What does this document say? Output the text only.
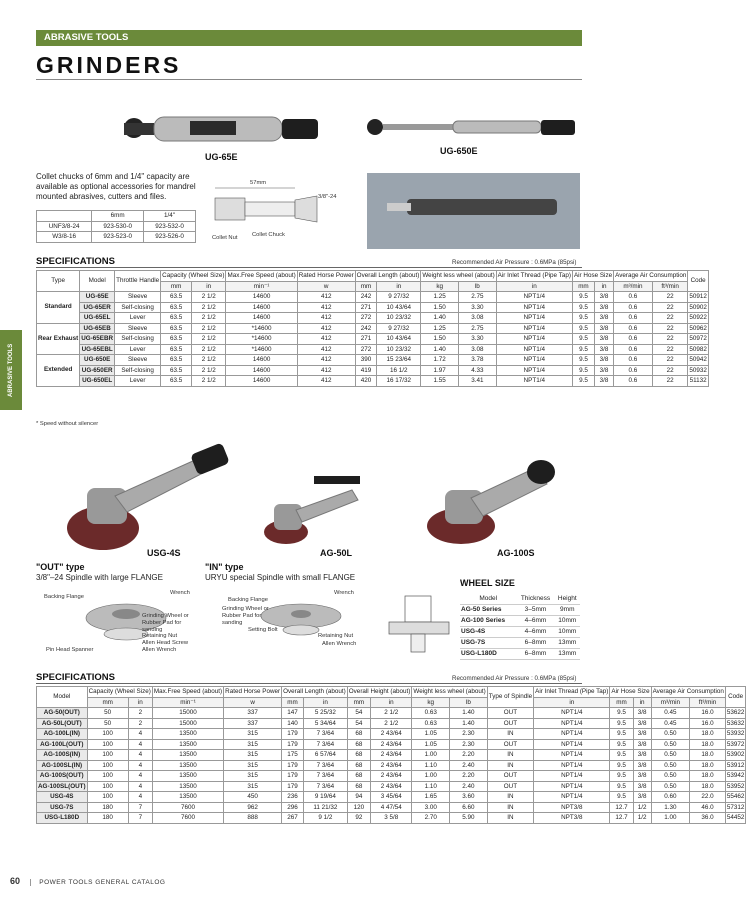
ABRASIVE TOOLS
GRINDERS
ABRASIVE TOOLS
UG-65E
UG-650E
Collet chucks of 6mm and 1/4" capacity are available as optional accessories for mandrel mounted abrasives, cutters and files.
	6mm	1/4"
UNF3/8-24	923-530-0	923-532-0
W3/8-16	923-523-0	923-526-0
57mm
3/8"-24
Collet Nut	Collet Chuck
SPECIFICATIONS	Recommended Air Pressure : 0.6MPa (85psi)
Type	Model	Throttle Handle	Capacity (Wheel Size)		Max.Free Speed (about)	Rated Horse Power	Overall Length (about)		Weight less wheel (about)		Air Inlet Thread (Pipe Tap)	Air Hose Size		Average Air Consumption		Code
			mm	in	min⁻¹	w	mm	in	kg	lb	in	mm	in	m³/min	ft³/min	
Standard	UG-65E	Sleeve	63.5	2 1/2	14600	412	242	9 27/32	1.25	2.75	NPT1/4	9.5	3/8	0.6	22	50912
	UG-65ER	Self-closing	63.5	2 1/2	14600	412	271	10 43/64	1.50	3.30	NPT1/4	9.5	3/8	0.6	22	50902
	UG-65EL	Lever	63.5	2 1/2	14600	412	272	10 23/32	1.40	3.08	NPT1/4	9.5	3/8	0.6	22	50922
Rear Exhaust	UG-65EB	Sleeve	63.5	2 1/2	*14600	412	242	9 27/32	1.25	2.75	NPT1/4	9.5	3/8	0.6	22	50962
	UG-65EBR	Self-closing	63.5	2 1/2	*14600	412	271	10 43/64	1.50	3.30	NPT1/4	9.5	3/8	0.6	22	50972
	UG-65EBL	Lever	63.5	2 1/2	*14600	412	272	10 23/32	1.40	3.08	NPT1/4	9.5	3/8	0.6	22	50982
Extended	UG-650E	Sleeve	63.5	2 1/2	14600	412	390	15 23/64	1.72	3.78	NPT1/4	9.5	3/8	0.6	22	50942
	UG-650ER	Self-closing	63.5	2 1/2	14600	412	419	16 1/2	1.97	4.33	NPT1/4	9.5	3/8	0.6	22	50932
	UG-650EL	Lever	63.5	2 1/2	14600	412	420	16 17/32	1.55	3.41	NPT1/4	9.5	3/8	0.6	22	51132
* Speed without silencer
USG-4S	AG-50L	AG-100S
"OUT" type
3/8"–24 Spindle with large FLANGE
Backing Flange
Wrench
Grinding Wheel or Rubber Pad for sanding
Retaining Nut
Allen Head Screw
Allen Wrench
Pin Head Spanner
"IN" type
URYU special Spindle with small FLANGE
Wrench
Backing Flange
Grinding Wheel or Rubber Pad for sanding
Setting Bolt
Retaining Nut
Allen Wrench
WHEEL SIZE
Model	Thickness	Height
AG-50 Series	3–5mm	9mm
AG-100 Series	4–6mm	10mm
USG-4S	4–6mm	10mm
USG-7S	6–8mm	13mm
USG-L180D	6–8mm	13mm
SPECIFICATIONS	Recommended Air Pressure : 0.6MPa (85psi)
Model	Capacity (Wheel Size)		Max.Free Speed (about)	Rated Horse Power	Overall Length (about)		Overall Height (about)		Weight less wheel (about)		Type of Spindle	Air Inlet Thread (Pipe Tap)	Air Hose Size		Average Air Consumption		Code
	mm	in	min⁻¹	w	mm	in	mm	in	kg	lb		in	mm	in	m³/min	ft³/min	
AG-50(OUT)	50	2	15000	337	147	5 25/32	54	2 1/2	0.63	1.40	OUT	NPT1/4	9.5	3/8	0.45	16.0	53622
AG-50L(OUT)	50	2	15000	337	140	5 34/64	54	2 1/2	0.63	1.40	OUT	NPT1/4	9.5	3/8	0.45	16.0	53632
AG-100L(IN)	100	4	13500	315	179	7 3/64	68	2 43/64	1.05	2.30	IN	NPT1/4	9.5	3/8	0.50	18.0	53932
AG-100L(OUT)	100	4	13500	315	179	7 3/64	68	2 43/64	1.05	2.30	OUT	NPT1/4	9.5	3/8	0.50	18.0	53972
AG-100S(IN)	100	4	13500	315	175	6 57/64	68	2 43/64	1.00	2.20	IN	NPT1/4	9.5	3/8	0.50	18.0	53902
AG-100SL(IN)	100	4	13500	315	179	7 3/64	68	2 43/64	1.10	2.40	IN	NPT1/4	9.5	3/8	0.50	18.0	53912
AG-100S(OUT)	100	4	13500	315	179	7 3/64	68	2 43/64	1.00	2.20	OUT	NPT1/4	9.5	3/8	0.50	18.0	53942
AG-100SL(OUT)	100	4	13500	315	179	7 3/64	68	2 43/64	1.10	2.40	OUT	NPT1/4	9.5	3/8	0.50	18.0	53952
USG-4S	100	4	13500	450	236	9 19/64	94	3 45/64	1.65	3.60	IN	NPT1/4	9.5	3/8	0.60	22.0	55462
USG-7S	180	7	7600	962	296	11 21/32	120	4 47/54	3.00	6.60	IN	NPT3/8	12.7	1/2	1.30	46.0	57312
USG-L180D	180	7	7600	888	267	9 1/2	92	3 5/8	2.70	5.90	IN	NPT3/8	12.7	1/2	1.00	36.0	54452
60	POWER TOOLS GENERAL CATALOG
